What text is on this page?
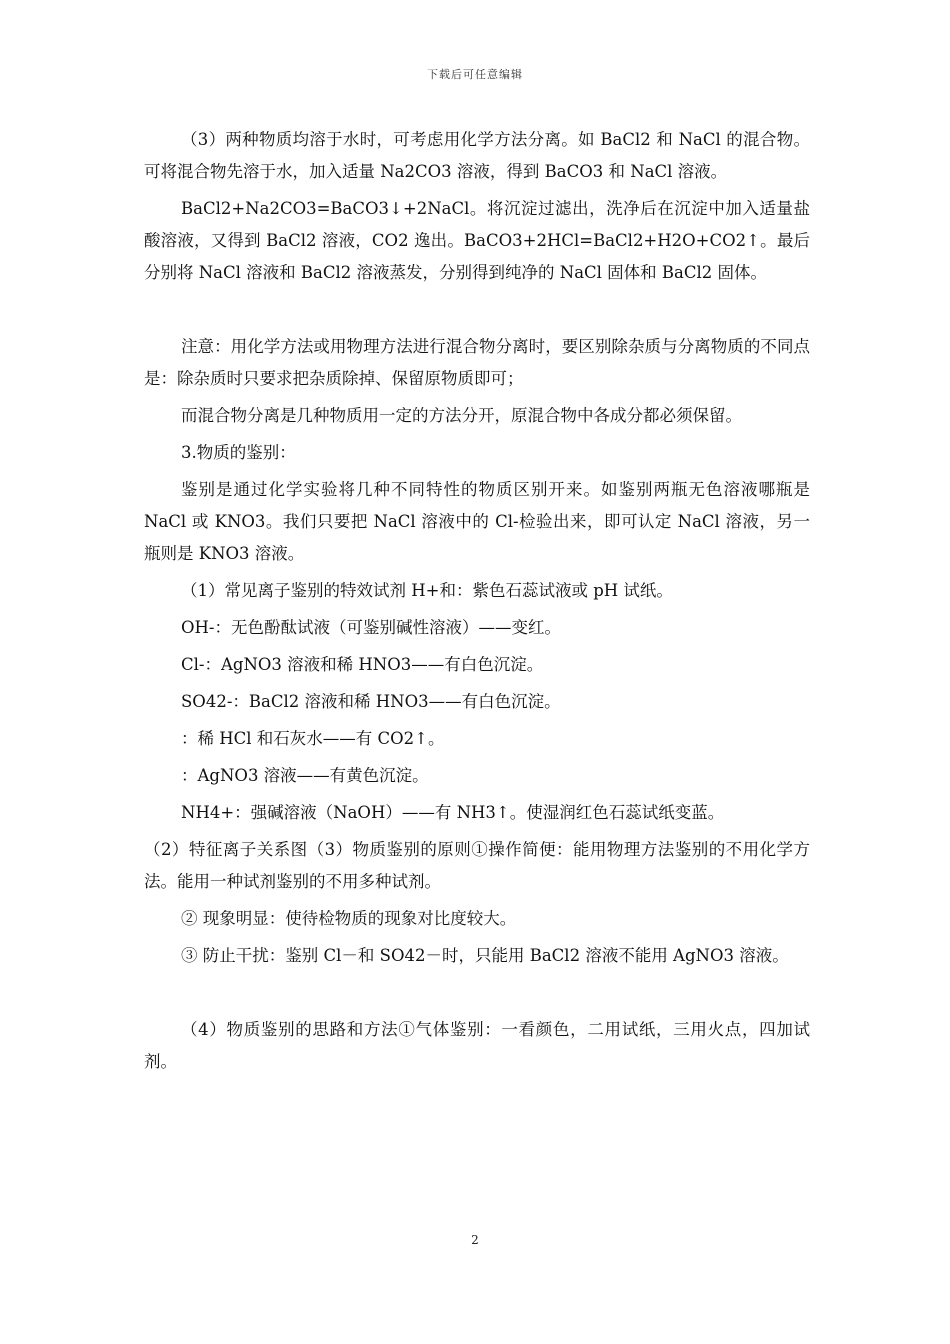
下载后可任意编辑

（3）两种物质均溶于水时，可考虑用化学方法分离。如 BaCl2 和 NaCl 的混合物。可将混合物先溶于水，加入适量 Na2CO3 溶液，得到 BaCO3 和 NaCl 溶液。

BaCl2+Na2CO3=BaCO3↓+2NaCl。将沉淀过滤出，洗净后在沉淀中加入适量盐酸溶液，又得到 BaCl2 溶液，CO2 逸出。BaCO3+2HCl=BaCl2+H2O+CO2↑。最后分别将 NaCl 溶液和 BaCl2 溶液蒸发，分别得到纯净的 NaCl 固体和 BaCl2 固体。

注意：用化学方法或用物理方法进行混合物分离时，要区别除杂质与分离物质的不同点是：除杂质时只要求把杂质除掉、保留原物质即可；

而混合物分离是几种物质用一定的方法分开，原混合物中各成分都必须保留。

3.物质的鉴别：

鉴别是通过化学实验将几种不同特性的物质区别开来。如鉴别两瓶无色溶液哪瓶是 NaCl 或 KNO3。我们只要把 NaCl 溶液中的 Cl-检验出来，即可认定 NaCl 溶液，另一瓶则是 KNO3 溶液。

（1）常见离子鉴别的特效试剂 H+和：紫色石蕊试液或 pH 试纸。

OH-：无色酚酞试液（可鉴别碱性溶液）——变红。

Cl-：AgNO3 溶液和稀 HNO3——有白色沉淀。

SO42-：BaCl2 溶液和稀 HNO3——有白色沉淀。

：稀 HCl 和石灰水——有 CO2↑。

：AgNO3 溶液——有黄色沉淀。

NH4+：强碱溶液（NaOH）——有 NH3↑。使湿润红色石蕊试纸变蓝。

（2）特征离子关系图（3）物质鉴别的原则①操作简便：能用物理方法鉴别的不用化学方法。能用一种试剂鉴别的不用多种试剂。

② 现象明显：使待检物质的现象对比度较大。

③ 防止干扰：鉴别 Cl－和 SO42－时，只能用 BaCl2 溶液不能用 AgNO3 溶液。

（4）物质鉴别的思路和方法①气体鉴别：一看颜色，二用试纸，三用火点，四加试剂。

2
